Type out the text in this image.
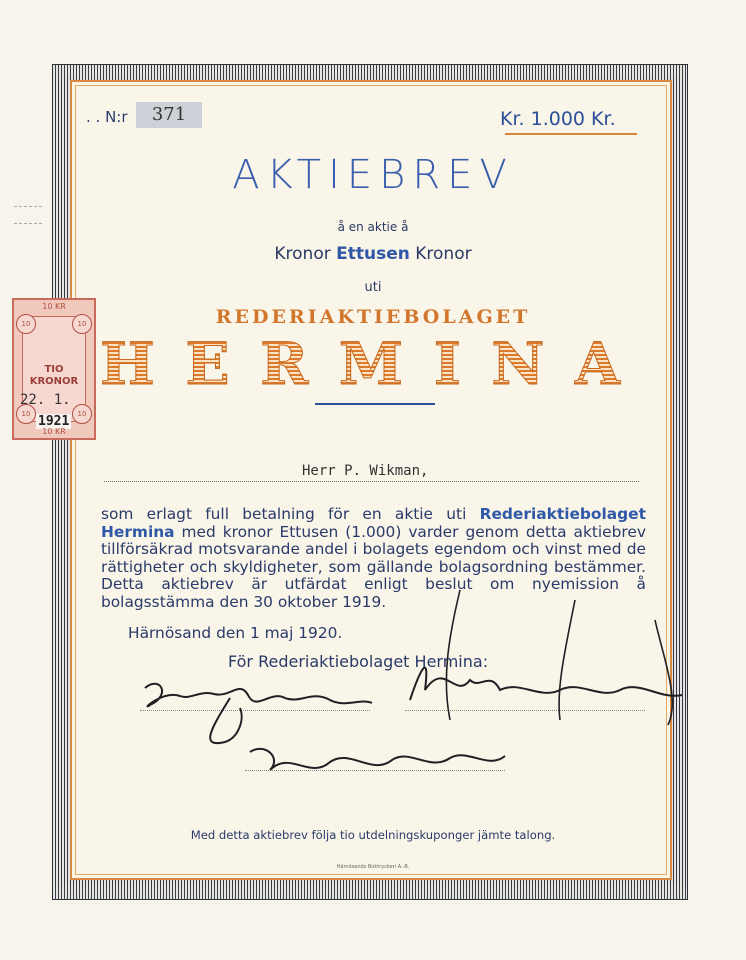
. . N:r	371	Kr. 1.000 Kr.
AKTIEBREV
å en aktie å
Kronor Ettusen Kronor
uti
REDERIAKTIEBOLAGET
H E R M I N A
Herr P. Wikman,
som erlagt full betalning för en aktie uti Rederiaktiebolaget Hermina med kronor Ettusen (1.000) varder genom detta aktiebrev tillförsäkrad motsvarande andel i bolagets egendom och vinst med de rättigheter och skyldigheter, som gällande bolagsordning bestämmer. Detta aktiebrev är utfärdat enligt beslut om nyemission å bolagsstämma den 30 oktober 1919.
Härnösand den 1 maj 1920.
För Rederiaktiebolaget Hermina:
Med detta aktiebrev följa tio utdelningskuponger jämte talong.
Härnösands Boktryckeri A.-B.
10 KR
10	10
10	10
TIO
KRONOR
22. 1.
1921
10 KR
